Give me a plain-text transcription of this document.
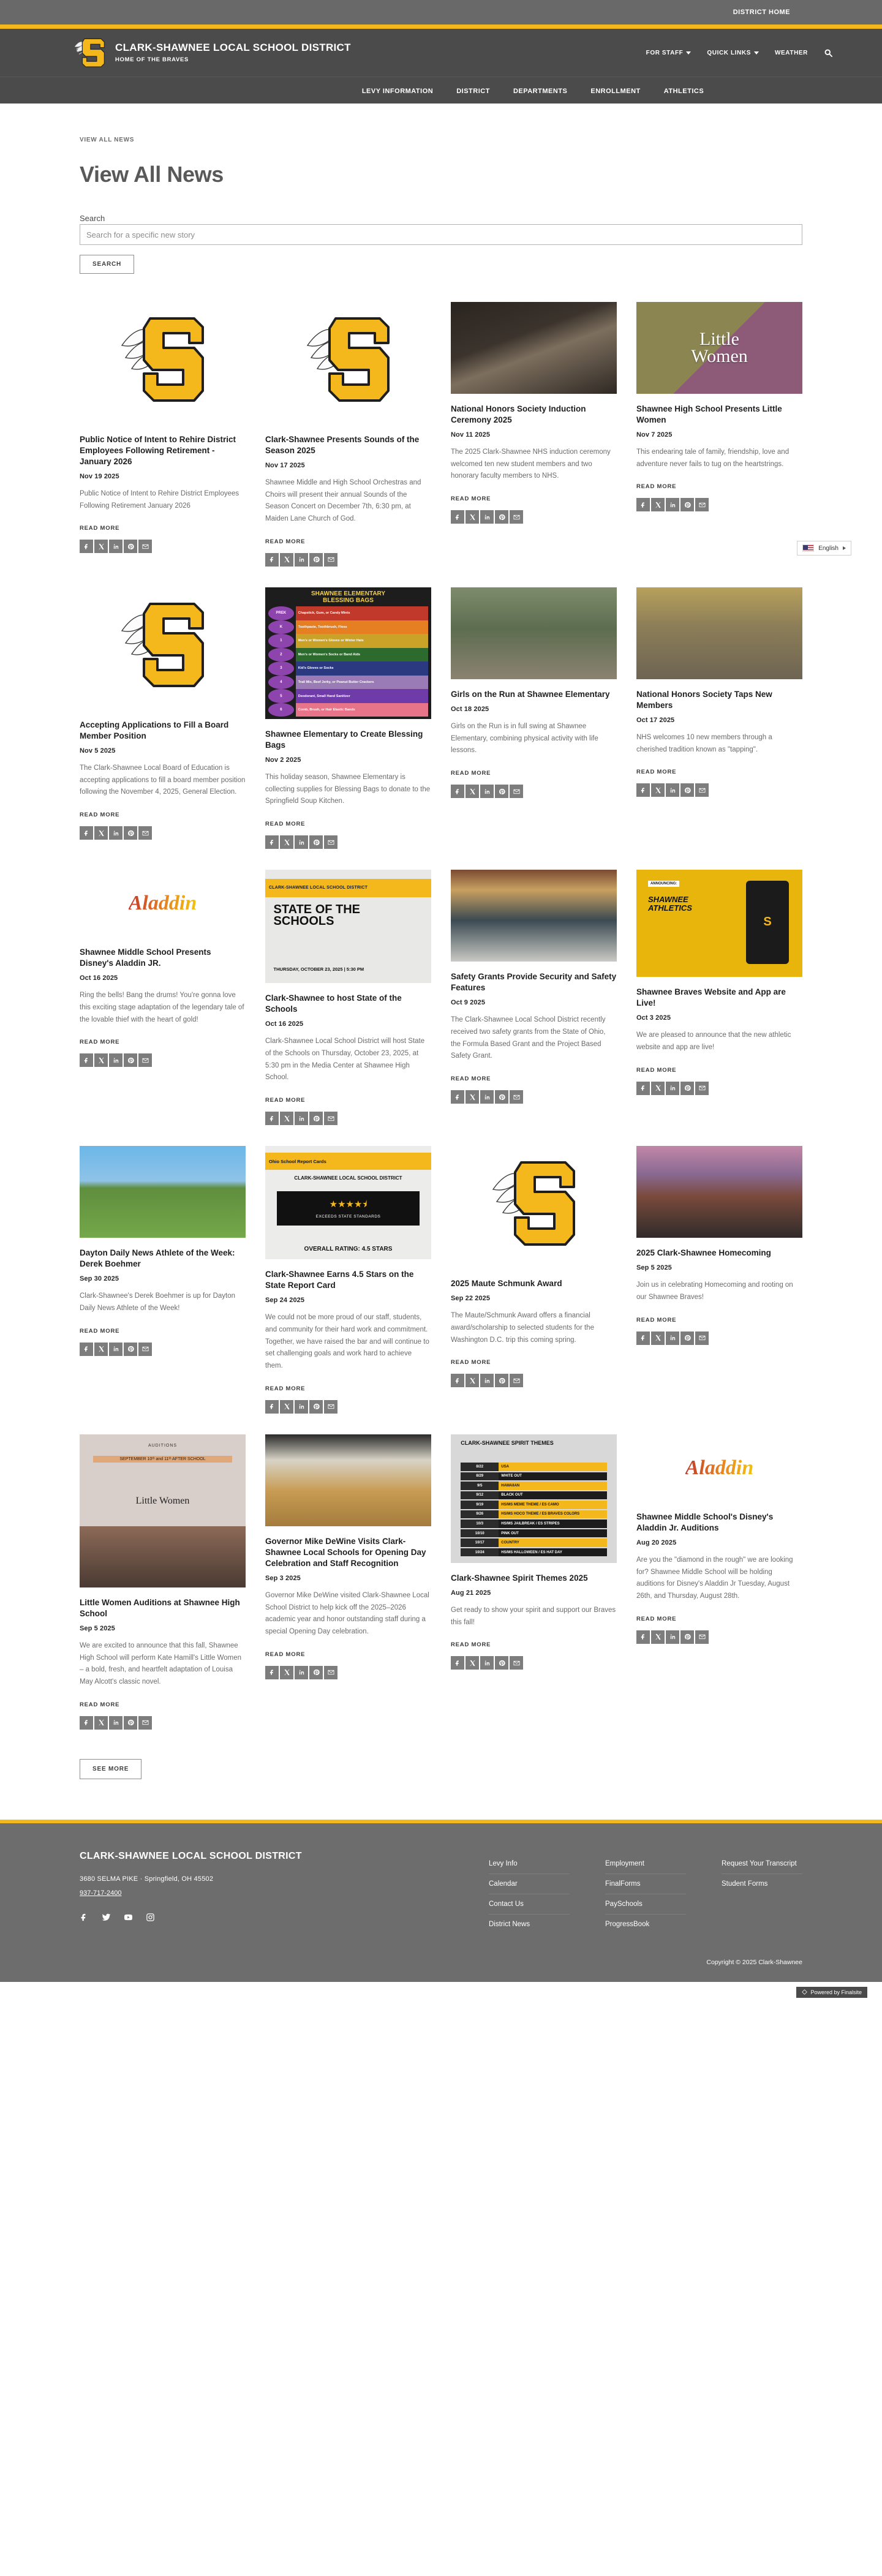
DISTRICT HOME
CLARK-SHAWNEE LOCAL SCHOOL DISTRICT
HOME OF THE BRAVES
FOR STAFF	QUICK LINKS	WEATHER
LEVY INFORMATION	DISTRICT	DEPARTMENTS	ENROLLMENT	ATHLETICS
VIEW ALL NEWS
View All News
Search Search for a specific new story
SEARCH
Public Notice of Intent to Rehire District Employees Following Retirement - January 2026
Nov 19 2025

Public Notice of Intent to Rehire District Employees Following Retirement January 2026

READ MORE
Clark-Shawnee Presents Sounds of the Season 2025
Nov 17 2025

Shawnee Middle and High School Orchestras and Choirs will present their annual Sounds of the Season Concert on December 7th, 6:30 pm, at Maiden Lane Church of God.

READ MORE
National Honors Society Induction Ceremony 2025
Nov 11 2025

The 2025 Clark-Shawnee NHS induction ceremony welcomed ten new student members and two honorary faculty members to NHS.

READ MORE
Little
Women
Shawnee High School Presents Little Women
Nov 7 2025

This endearing tale of family, friendship, love and adventure never fails to tug on the heartstrings.

READ MORE
Accepting Applications to Fill a Board Member Position
Nov 5 2025

The Clark-Shawnee Local Board of Education is accepting applications to fill a board member position following the November 4, 2025, General Election.

READ MORE
SHAWNEE ELEMENTARY
BLESSING BAGS
PREK	Chapstick, Gum, or Candy Mints
K	Toothpaste, Toothbrush, Floss
1	Men's or Women's Gloves or Winter Hats
2	Men's or Women's Socks or Band Aids
3	Kid's Gloves or Socks
4	Trail Mix, Beef Jerky, or Peanut Butter Crackers
5	Deodorant, Small Hand Sanitizer
6	Comb, Brush, or Hair Elastic Bands
Shawnee Elementary to Create Blessing Bags
Nov 2 2025

This holiday season, Shawnee Elementary is collecting supplies for Blessing Bags to donate to the Springfield Soup Kitchen.

READ MORE
Girls on the Run at Shawnee Elementary
Oct 18 2025

Girls on the Run is in full swing at Shawnee Elementary, combining physical activity with life lessons.

READ MORE
National Honors Society Taps New Members
Oct 17 2025

NHS welcomes 10 new members through a cherished tradition known as "tapping".

READ MORE
Aladdin
Shawnee Middle School Presents Disney's Aladdin JR.
Oct 16 2025

Ring the bells! Bang the drums! You're gonna love this exciting stage adaptation of the legendary tale of the lovable thief with the heart of gold!

READ MORE
CLARK-SHAWNEE LOCAL SCHOOL DISTRICT
STATE OF THE
SCHOOLS
THURSDAY, OCTOBER 23, 2025 | 5:30 PM
Clark-Shawnee to host State of the Schools
Oct 16 2025

Clark-Shawnee Local School District will host State of the Schools on Thursday, October 23, 2025, at 5:30 pm in the Media Center at Shawnee High School.

READ MORE
Safety Grants Provide Security and Safety Features
Oct 9 2025

The Clark-Shawnee Local School District recently received two safety grants from the State of Ohio, the Formula Based Grant and the Project Based Safety Grant.

READ MORE
ANNOUNCING:
SHAWNEE
ATHLETICS
S
Shawnee Braves Website and App are Live!
Oct 3 2025

We are pleased to announce that the new athletic website and app are live!

READ MORE
Dayton Daily News Athlete of the Week: Derek Boehmer
Sep 30 2025

Clark-Shawnee's Derek Boehmer is up for Dayton Daily News Athlete of the Week!

READ MORE
Ohio School Report Cards
CLARK-SHAWNEE LOCAL SCHOOL DISTRICT
★★★★⯨
EXCEEDS STATE STANDARDS
OVERALL RATING: 4.5 STARS
Clark-Shawnee Earns 4.5 Stars on the State Report Card
Sep 24 2025

We could not be more proud of our staff, students, and community for their hard work and commitment. Together, we have raised the bar and will continue to set challenging goals and work hard to achieve them.

READ MORE
2025 Maute Schmunk Award
Sep 22 2025

The Maute/Schmunk Award offers a financial award/scholarship to selected students for the Washington D.C. trip this coming spring.

READ MORE
2025 Clark-Shawnee Homecoming
Sep 5 2025

Join us in celebrating Homecoming and rooting on our Shawnee Braves!

READ MORE
AUDITIONS
SEPTEMBER 10ᵗʰ and 11ᵗʰ AFTER SCHOOL
Little Women
Little Women Auditions at Shawnee High School
Sep 5 2025

We are excited to announce that this fall, Shawnee High School will perform Kate Hamill's Little Women – a bold, fresh, and heartfelt adaptation of Louisa May Alcott's classic novel.

READ MORE
Governor Mike DeWine Visits Clark-Shawnee Local Schools for Opening Day Celebration and Staff Recognition
Sep 3 2025

Governor Mike DeWine visited Clark-Shawnee Local School District to help kick off the 2025–2026 academic year and honor outstanding staff during a special Opening Day celebration.

READ MORE
CLARK-SHAWNEE SPIRIT THEMES
8/22	USA
8/29	WHITE OUT
9/5	HAWAIIAN
9/12	BLACK OUT
9/19	HS/MS MEME THEME / ES CAMO
9/26	HS/MS HOCO THEME / ES BRAVES COLORS
10/3	HS/MS JAILBREAK / ES STRIPES
10/10	PINK OUT
10/17	COUNTRY
10/24	HS/MS HALLOWEEN / ES HAT DAY
Clark-Shawnee Spirit Themes 2025
Aug 21 2025

Get ready to show your spirit and support our Braves this fall!

READ MORE
Aladdin
Shawnee Middle School's Disney's Aladdin Jr. Auditions
Aug 20 2025

Are you the "diamond in the rough" we are looking for? Shawnee Middle School will be holding auditions for Disney's Aladdin Jr Tuesday, August 26th, and Thursday, August 28th.

READ MORE
SEE MORE
English
CLARK-SHAWNEE LOCAL SCHOOL DISTRICT
3680 SELMA PIKE · Springfield, OH 45502
937-717-2400
Levy Info
Calendar
Contact Us
District News
Employment
FinalForms
PaySchools
ProgressBook
Request Your Transcript
Student Forms
Copyright © 2025 Clark-Shawnee
Powered by Finalsite
